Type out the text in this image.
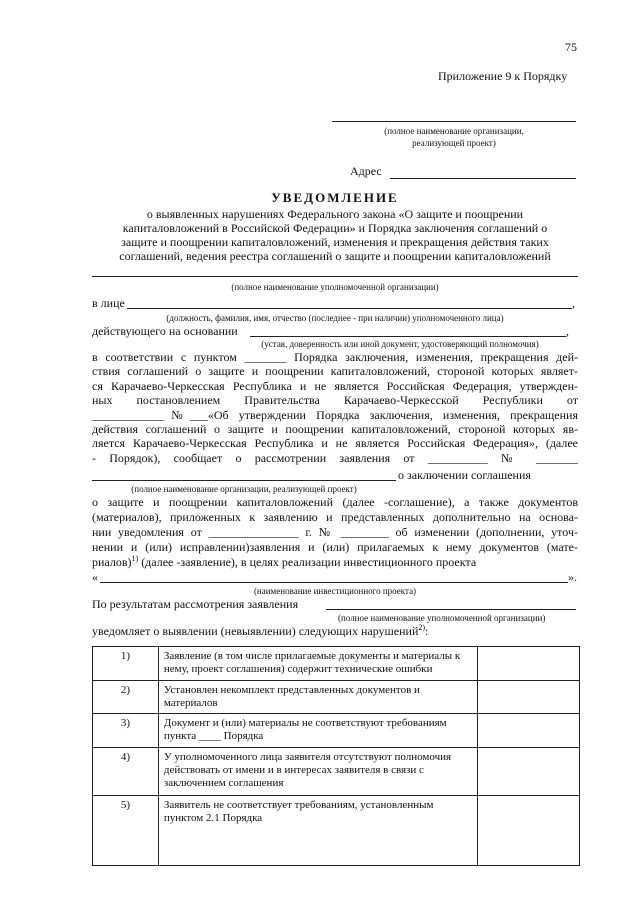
75
Приложение 9 к Порядку
(полное наименование организации,
реализующей проект)
Адрес
УВЕДОМЛЕНИЕ
о выявленных нарушениях Федерального закона «О защите и поощрении
капиталовложений в Российской Федерации» и Порядка заключения соглашений о
защите и поощрении капиталовложений, изменения и прекращения действия таких
соглашений, ведения реестра соглашений о защите и поощрении капиталовложений
(полное наименование уполномоченной организации)
в лице	,
(должность, фамилия, имя, отчество (последнее - при наличии) уполномоченного лица)
действующего на основании	,
(устав, доверенность или иной документ, удостоверяющий полномочия)
в соответствии с пунктом _______ Порядка заключения, изменения, прекращения дей-
ствия соглашений о защите и поощрении капиталовложений, стороной которых являет-
ся Карачаево-Черкесская Республика и не является Российская Федерация, утвержден-
ных постановлением Правительства Карачаево-Черкесской Республики от
____________№___«Об утверждении Порядка заключения, изменения, прекращения
действия соглашений о защите и поощрении капиталовложений, стороной которых яв-
ляется Карачаево-Черкесская Республика и не является Российская Федерация», (далее
- Порядок), сообщает о рассмотрении заявления от __________ № _______
о заключении соглашения
(полное наименование организации, реализующей проект)
о защите и поощрении капиталовложений (далее -соглашение), а также документов
(материалов), приложенных к заявлению и представленных дополнительно на основа-
нии уведомления от _______________ г. № ________ об изменении (дополнении, уточ-
нении и (или) исправлении)заявления и (или) прилагаемых к нему документов (мате-
риалов)$^{1)}$ (далее -заявление), в целях реализации инвестиционного проекта
«	».
(наименование инвестиционного проекта)
По результатам рассмотрения заявления
(полное наименование уполномоченной организации)
уведомляет о выявлении (невыявлении) следующих нарушений$^{2)}$:
1)	Заявление (в том числе прилагаемые документы и материалы к нему, проект соглашения) содержит технические ошибки	
2)	Установлен некомплект представленных документов и материалов	
3)	Документ и (или) материалы не соответствуют требованиям пункта ____ Порядка	
4)	У уполномоченного лица заявителя отсутствуют полномочия действовать от имени и в интересах заявителя в связи с заключением соглашения	
5)	Заявитель не соответствует требованиям, установленным пунктом 2.1 Порядка	
